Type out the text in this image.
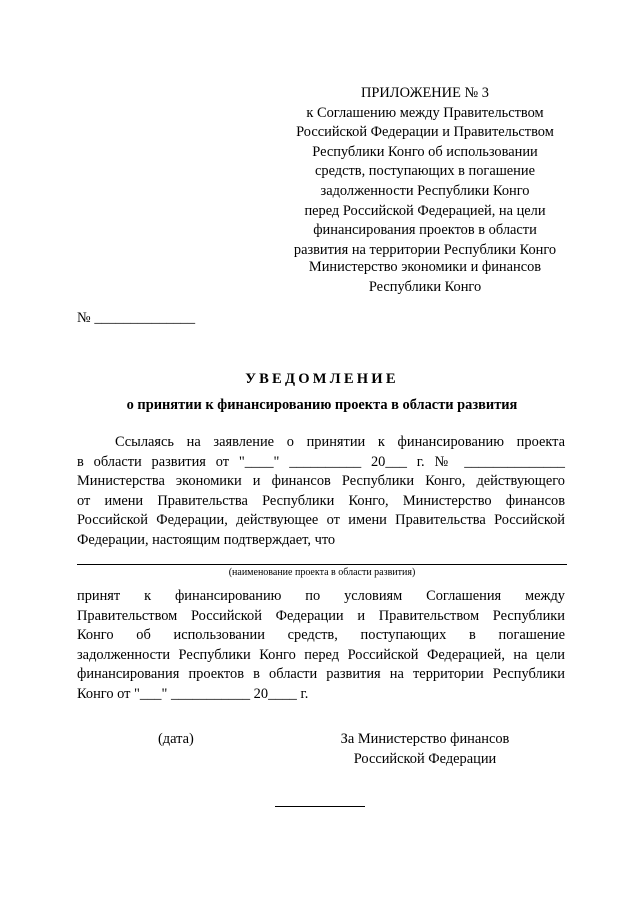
ПРИЛОЖЕНИЕ № 3
к Соглашению между Правительством
Российской Федерации и Правительством
Республики Конго об использовании
средств, поступающих в погашение
задолженности Республики Конго
перед Российской Федерацией, на цели
финансирования проектов в области
развития на территории Республики Конго
Министерство экономики и финансов
Республики Конго
№ ______________
УВЕДОМЛЕНИЕ
о принятии к финансированию проекта в области развития
Ссылаясь на заявление о принятии к финансированию проекта
в области развития от "____" __________ 20___ г. № ______________
Министерства экономики и финансов Республики Конго, действующего
от имени Правительства Республики Конго, Министерство финансов
Российской Федерации, действующее от имени Правительства Российской
Федерации, настоящим подтверждает, что
(наименование проекта в области развития)
принят к финансированию по условиям Соглашения между
Правительством Российской Федерации и Правительством Республики
Конго об использовании средств, поступающих в погашение
задолженности Республики Конго перед Российской Федерацией, на цели
финансирования проектов в области развития на территории Республики
Конго от "___" ___________ 20____ г.
(дата)	За Министерство финансов
Российской Федерации
